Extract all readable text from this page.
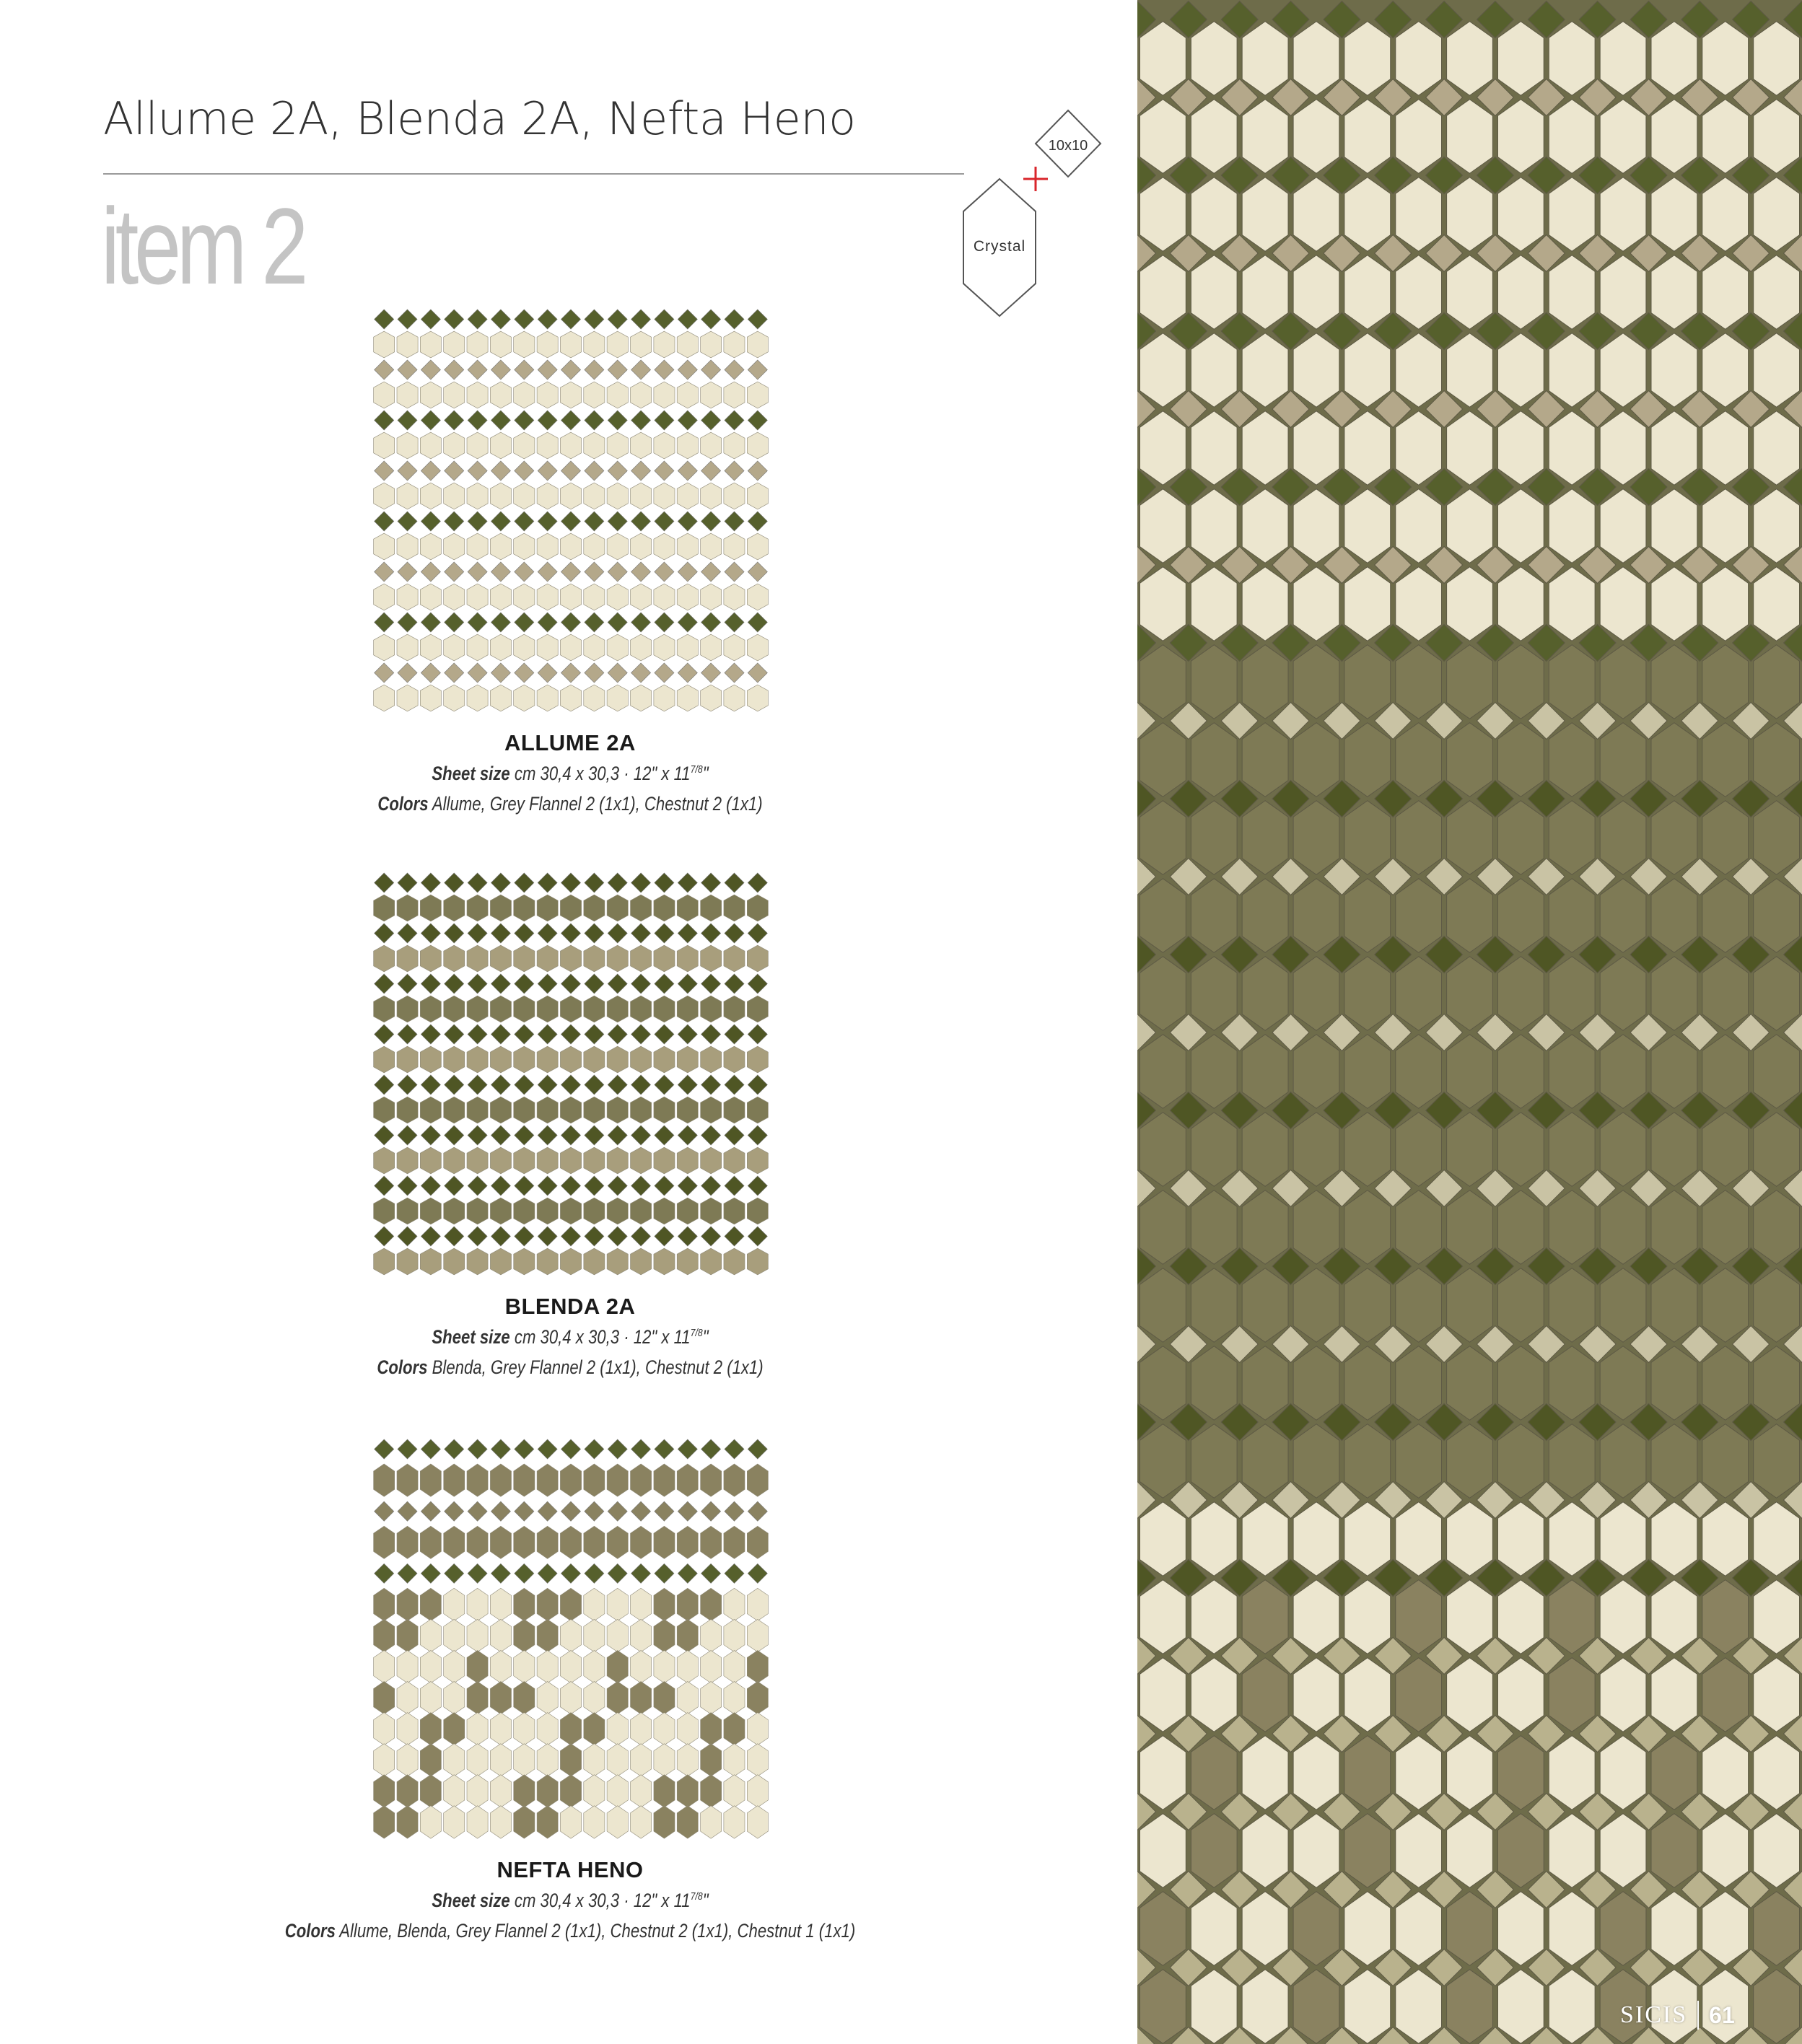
Allume 2A, Blenda 2A, Nefta Heno
item 2
10x10
Crystal
ALLUME 2A
Sheet size cm 30,4 x 30,3 · 12" x $11^{7/8}$"
Colors Allume, Grey Flannel 2 (1x1), Chestnut 2 (1x1)
BLENDA 2A
Sheet size cm 30,4 x 30,3 · 12" x $11^{7/8}$"
Colors Blenda, Grey Flannel 2 (1x1), Chestnut 2 (1x1)
NEFTA HENO
Sheet size cm 30,4 x 30,3 · 12" x $11^{7/8}$"
Colors Allume, Blenda, Grey Flannel 2 (1x1), Chestnut 2 (1x1), Chestnut 1 (1x1)
SICIS 61
